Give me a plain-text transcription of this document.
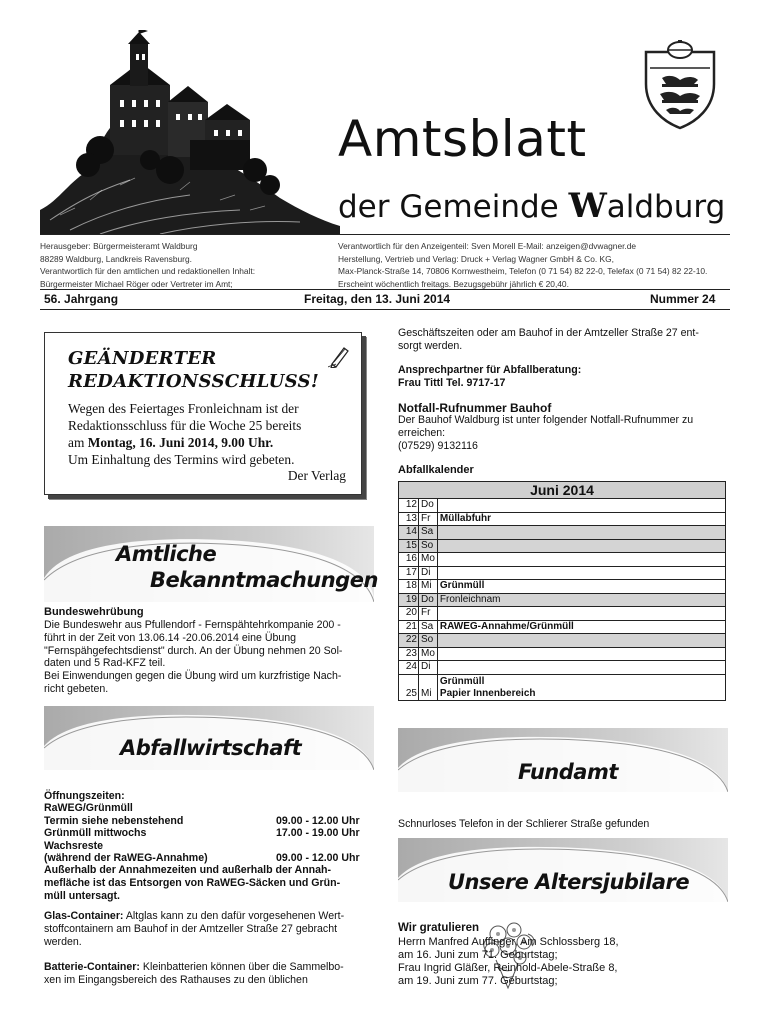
Amtsblatt
der Gemeinde Waldburg
Herausgeber: Bürgermeisteramt Waldburg
88289 Waldburg, Landkreis Ravensburg.
Verantwortlich für den amtlichen und redaktionellen Inhalt:
Bürgermeister Michael Röger oder Vertreter im Amt;
Verantwortlich für den Anzeigenteil: Sven Morell E-Mail: anzeigen@dvwagner.de
Herstellung, Vertrieb und Verlag: Druck + Verlag Wagner GmbH & Co. KG,
Max-Planck-Straße 14, 70806 Kornwestheim, Telefon (0 71 54) 82 22-0, Telefax (0 71 54) 82 22-10.
Erscheint wöchentlich freitags. Bezugsgebühr jährlich € 20,40.
56. Jahrgang	Freitag, den 13. Juni 2014	Nummer 24
GEÄNDERTER
REDAKTIONSSCHLUSS!
Wegen des Feiertages Fronleichnam ist der
Redaktionsschluss für die Woche 25 bereits
am Montag, 16. Juni 2014, 9.00 Uhr.
Um Einhaltung des Termins wird gebeten.
Der Verlag
Amtliche
Bekanntmachungen
Bundeswehrübung
Die Bundeswehr aus Pfullendorf - Fernspähtehrkompanie 200 -
führt in der Zeit von 13.06.14 -20.06.2014 eine Übung
"Fernspähgefechtsdienst" durch. An der Übung nehmen 20 Sol-
daten und 5 Rad-KFZ teil.
Bei Einwendungen gegen die Übung wird um kurzfristige Nach-
richt gebeten.
Abfallwirtschaft
Öffnungszeiten:
RaWEG/Grünmüll
Termin siehe nebenstehend	09.00 - 12.00 Uhr
Grünmüll mittwochs	17.00 - 19.00 Uhr
Wachsreste
(während der RaWEG-Annahme)	09.00 - 12.00 Uhr
Außerhalb der Annahmezeiten und außerhalb der Annah-
mefläche ist das Entsorgen von RaWEG-Säcken und Grün-
müll untersagt.
Glas-Container: Altglas kann zu den dafür vorgesehenen Wert-
stoffcontainern am Bauhof in der Amtzeller Straße 27 gebracht
werden.
Batterie-Container: Kleinbatterien können über die Sammelbo-
xen im Eingangsbereich des Rathauses zu den üblichen
Geschäftszeiten oder am Bauhof in der Amtzeller Straße 27 ent-
sorgt werden.
Ansprechpartner für Abfallberatung:
Frau Tittl Tel. 9717-17
Notfall-Rufnummer Bauhof
Der Bauhof Waldburg ist unter folgender Notfall-Rufnummer zu
erreichen:
(07529) 9132116
Abfallkalender
Juni 2014		
12	Do	
13	Fr	Müllabfuhr
14	Sa	
15	So	
16	Mo	
17	Di	
18	Mi	Grünmüll
19	Do	Fronleichnam
20	Fr	
21	Sa	RAWEG-Annahme/Grünmüll
22	So	
23	Mo	
24	Di	
25	Mi	Grünmüll
Papier Innenbereich
Fundamt
Schnurloses Telefon in der Schlierer Straße gefunden
Unsere Altersjubilare
Wir gratulieren
Herrn Manfred Auffinger, Am Schlossberg 18,
am 16. Juni zum 71. Geburtstag;
Frau Ingrid Gläßer, Reinhold-Abele-Straße 8,
am 19. Juni zum 77. Geburtstag;
